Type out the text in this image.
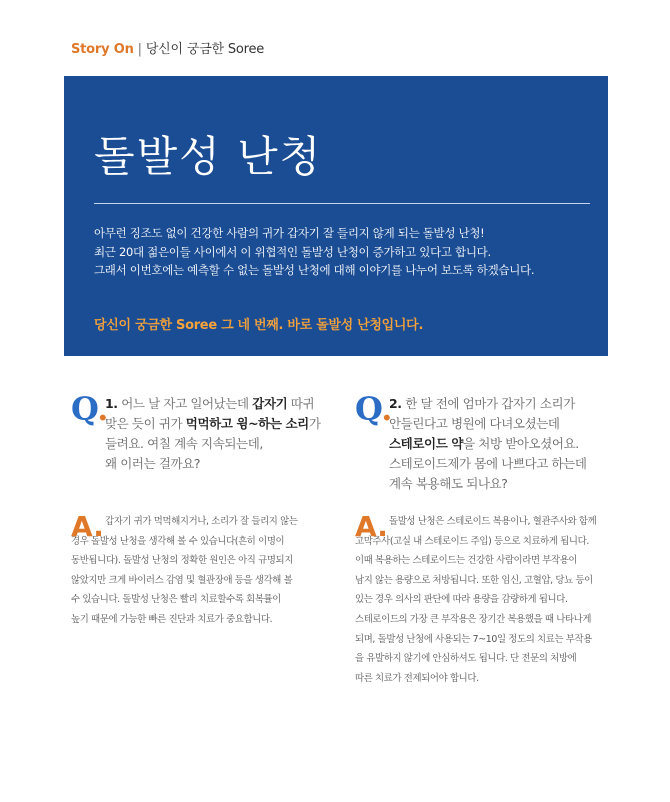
Story On | 당신이 궁금한 Soree
돌발성 난청
아무런 징조도 없이 건강한 사람의 귀가 갑자기 잘 들리지 않게 되는 돌발성 난청!
최근 20대 젊은이들 사이에서 이 위협적인 돌발성 난청이 증가하고 있다고 합니다.
그래서 이번호에는 예측할 수 없는 돌발성 난청에 대해 이야기를 나누어 보도록 하겠습니다.
당신이 궁금한 Soree 그 네 번째. 바로 돌발성 난청입니다.
Q.
1. 어느 날 자고 일어났는데 갑자기 따귀
맞은 듯이 귀가 먹먹하고 윙~하는 소리가
들려요. 여칠 계속 지속되는데,
왜 이러는 걸까요?
A. 갑자기 귀가 먹먹해지거나, 소리가 잘 들리지 않는
경우 돌발성 난청을 생각해 볼 수 있습니다(흔히 이명이
동반됩니다). 돌발성 난청의 정확한 원인은 아직 규명되지
않았지만 크게 바이러스 감염 및 혈관장애 등을 생각해 볼
수 있습니다. 돌발성 난청은 빨리 치료할수록 회복률이
높기 때문에 가능한 빠른 진단과 치료가 중요합니다.
Q.
2. 한 달 전에 엄마가 갑자기 소리가
안들린다고 병원에 다녀오셨는데
스테로이드 약을 처방 받아오셨어요.
스테로이드제가 몸에 나쁘다고 하는데
계속 복용해도 되나요?
A. 돌발성 난청은 스테로이드 복용이나, 혈관주사와 함께
고막주사(고실 내 스테로이드 주입) 등으로 치료하게 됩니다.
이때 복용하는 스테로이드는 건강한 사람이라면 부작용이
남지 않는 용량으로 처방됩니다. 또한 임신, 고혈압, 당뇨 등이
있는 경우 의사의 판단에 따라 용량을 감량하게 됩니다.
스테로이드의 가장 큰 부작용은 장기간 복용했을 때 나타나게
되며, 돌발성 난청에 사용되는 7~10일 정도의 치료는 부작용
을 유발하지 않기에 안심하셔도 됩니다. 단 전문의 처방에
따른 치료가 전제되어야 합니다.
